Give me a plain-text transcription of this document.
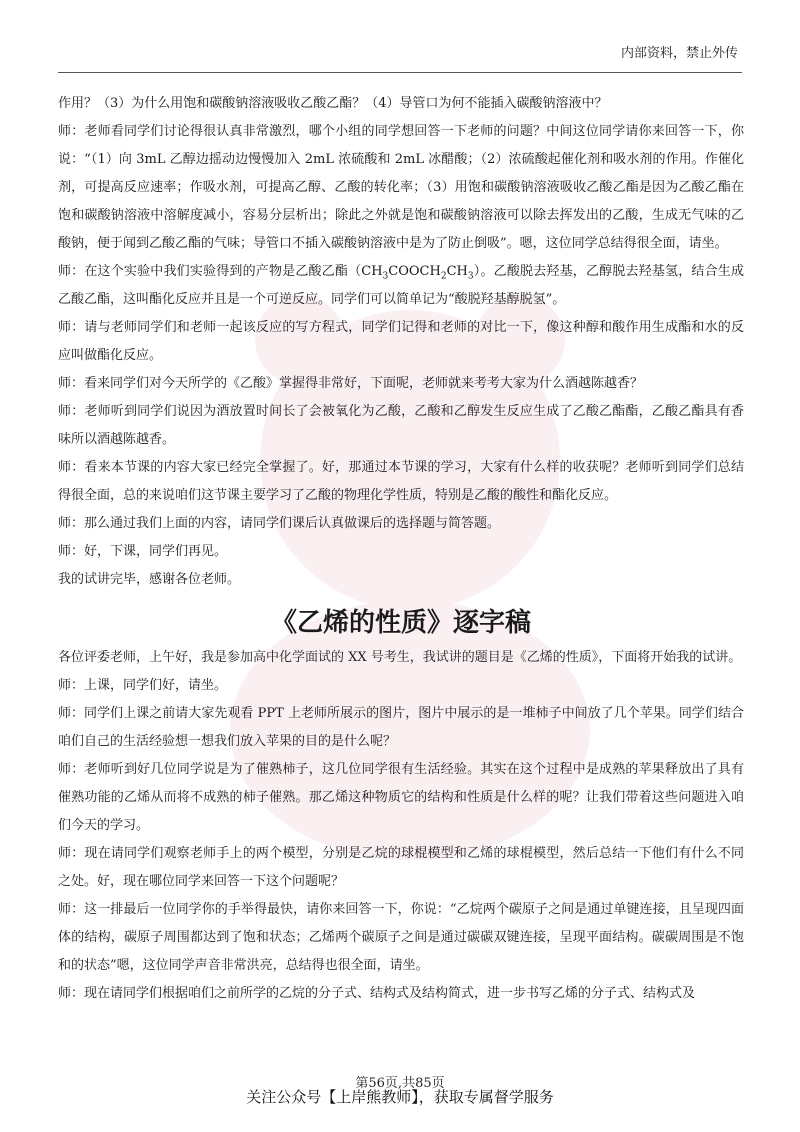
内部资料，禁止外传

作用？（3）为什么用饱和碳酸钠溶液吸收乙酸乙酯？（4）导管口为何不能插入碳酸钠溶液中？

师：老师看同学们讨论得很认真非常激烈，哪个小组的同学想回答一下老师的问题？中间这位同学请你来回答一下，你说：“（1）向 3mL 乙醇边摇动边慢慢加入 2mL 浓硫酸和 2mL 冰醋酸；（2）浓硫酸起催化剂和吸水剂的作用。作催化剂，可提高反应速率；作吸水剂，可提高乙醇、乙酸的转化率；（3）用饱和碳酸钠溶液吸收乙酸乙酯是因为乙酸乙酯在饱和碳酸钠溶液中溶解度减小，容易分层析出；除此之外就是饱和碳酸钠溶液可以除去挥发出的乙酸，生成无气味的乙酸钠，便于闻到乙酸乙酯的气味；导管口不插入碳酸钠溶液中是为了防止倒吸”。嗯，这位同学总结得很全面，请坐。

师：在这个实验中我们实验得到的产物是乙酸乙酯$(CH_3COOCH_2CH_3)$。乙酸脱去羟基，乙醇脱去羟基氢，结合生成乙酸乙酯，这叫酯化反应并且是一个可逆反应。同学们可以简单记为“酸脱羟基醇脱氢”。

师：请与老师同学们和老师一起该反应的写方程式，同学们记得和老师的对比一下，像这种醇和酸作用生成酯和水的反应叫做酯化反应。

师：看来同学们对今天所学的《乙酸》掌握得非常好，下面呢，老师就来考考大家为什么酒越陈越香？

师：老师听到同学们说因为酒放置时间长了会被氧化为乙酸，乙酸和乙醇发生反应生成了乙酸乙酯酯，乙酸乙酯具有香味所以酒越陈越香。

师：看来本节课的内容大家已经完全掌握了。好，那通过本节课的学习，大家有什么样的收获呢？老师听到同学们总结得很全面，总的来说咱们这节课主要学习了乙酸的物理化学性质，特别是乙酸的酸性和酯化反应。

师：那么通过我们上面的内容，请同学们课后认真做课后的选择题与简答题。

师：好，下课，同学们再见。

我的试讲完毕，感谢各位老师。

《乙烯的性质》逐字稿

各位评委老师，上午好，我是参加高中化学面试的 XX 号考生，我试讲的题目是《乙烯的性质》，下面将开始我的试讲。

师：上课，同学们好，请坐。

师：同学们上课之前请大家先观看 PPT 上老师所展示的图片，图片中展示的是一堆柿子中间放了几个苹果。同学们结合咱们自己的生活经验想一想我们放入苹果的目的是什么呢？

师：老师听到好几位同学说是为了催熟柿子，这几位同学很有生活经验。其实在这个过程中是成熟的苹果释放出了具有催熟功能的乙烯从而将不成熟的柿子催熟。那乙烯这种物质它的结构和性质是什么样的呢？让我们带着这些问题进入咱们今天的学习。

师：现在请同学们观察老师手上的两个模型，分别是乙烷的球棍模型和乙烯的球棍模型，然后总结一下他们有什么不同之处。好，现在哪位同学来回答一下这个问题呢？

师：这一排最后一位同学你的手举得最快，请你来回答一下，你说：“乙烷两个碳原子之间是通过单键连接，且呈现四面体的结构，碳原子周围都达到了饱和状态；乙烯两个碳原子之间是通过碳碳双键连接，呈现平面结构。碳碳周围是不饱和的状态”嗯，这位同学声音非常洪亮，总结得也很全面，请坐。

师：现在请同学们根据咱们之前所学的乙烷的分子式、结构式及结构简式，进一步书写乙烯的分子式、结构式及

第56页,共85页
关注公众号【上岸熊教师】，获取专属督学服务
